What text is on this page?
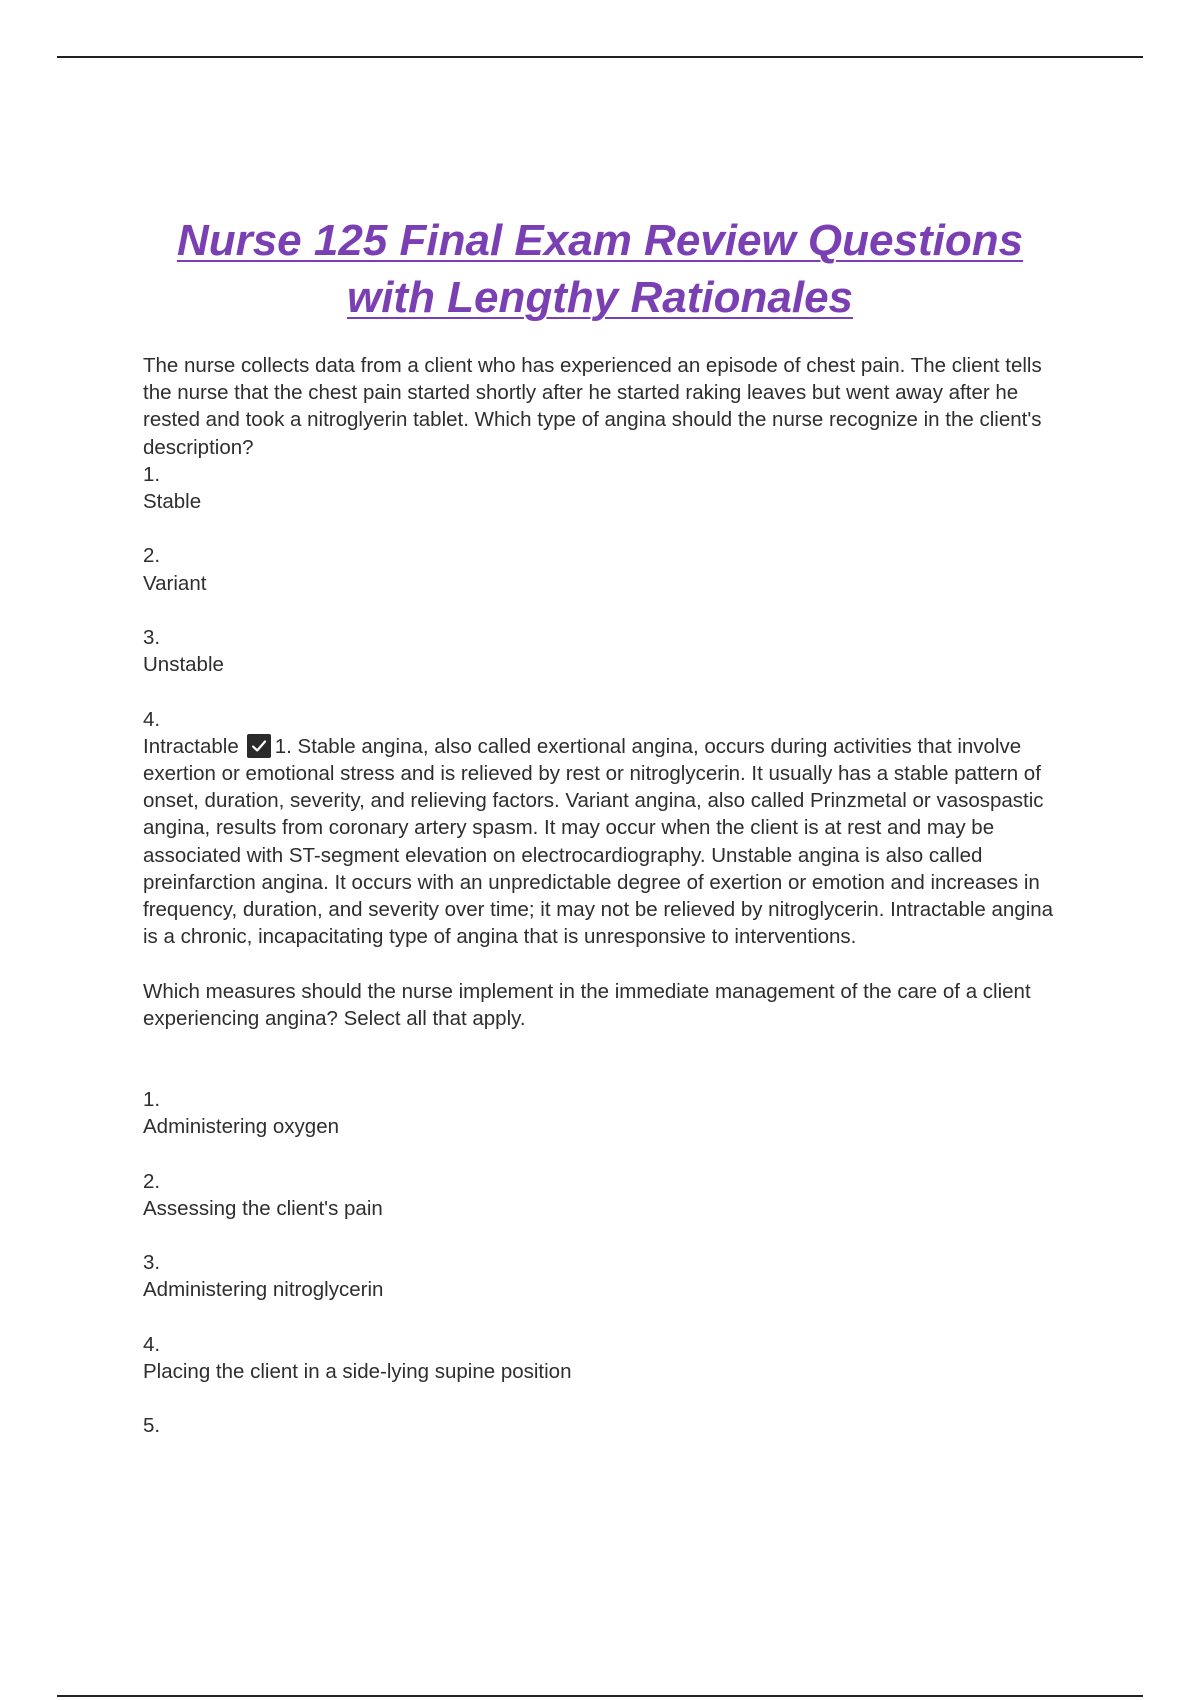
Nurse 125 Final Exam Review Questions
with Lengthy Rationales

The nurse collects data from a client who has experienced an episode of chest pain. The client tells the nurse that the chest pain started shortly after he started raking leaves but went away after he rested and took a nitroglyerin tablet. Which type of angina should the nurse recognize in the client's description?

1.

Stable

2.

Variant

3.

Unstable

4.

Intractable 1. Stable angina, also called exertional angina, occurs during activities that involve exertion or emotional stress and is relieved by rest or nitroglycerin. It usually has a stable pattern of onset, duration, severity, and relieving factors. Variant angina, also called Prinzmetal or vasospastic angina, results from coronary artery spasm. It may occur when the client is at rest and may be associated with ST-segment elevation on electrocardiography. Unstable angina is also called preinfarction angina. It occurs with an unpredictable degree of exertion or emotion and increases in frequency, duration, and severity over time; it may not be relieved by nitroglycerin. Intractable angina is a chronic, incapacitating type of angina that is unresponsive to interventions.

Which measures should the nurse implement in the immediate management of the care of a client experiencing angina? Select all that apply.

1.

Administering oxygen

2.

Assessing the client's pain

3.

Administering nitroglycerin

4.

Placing the client in a side-lying supine position

5.
